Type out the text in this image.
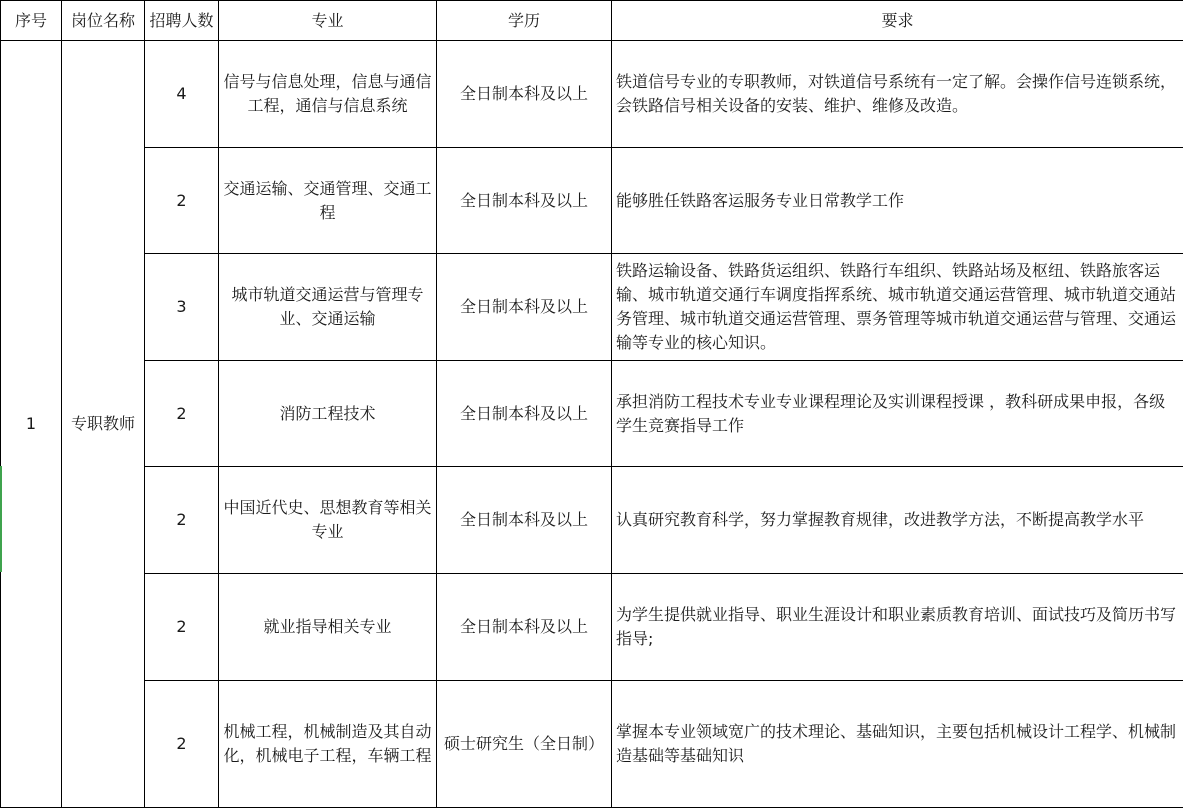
序号	岗位名称	招聘人数	专业	学历	要求
1	专职教师	4	信号与信息处理，信息与通信工程，通信与信息系统	全日制本科及以上	铁道信号专业的专职教师，对铁道信号系统有一定了解。会操作信号连锁系统，会铁路信号相关设备的安装、维护、维修及改造。
		2	交通运输、交通管理、交通工程	全日制本科及以上	能够胜任铁路客运服务专业日常教学工作
		3	城市轨道交通运营与管理专业、交通运输	全日制本科及以上	铁路运输设备、铁路货运组织、铁路行车组织、铁路站场及枢纽、铁路旅客运输、城市轨道交通行车调度指挥系统、城市轨道交通运营管理、城市轨道交通站务管理、城市轨道交通运营管理、票务管理等城市轨道交通运营与管理、交通运输等专业的核心知识。
		2	消防工程技术	全日制本科及以上	承担消防工程技术专业专业课程理论及实训课程授课 ，教科研成果申报，各级学生竞赛指导工作
		2	中国近代史、思想教育等相关专业	全日制本科及以上	认真研究教育科学，努力掌握教育规律，改进教学方法，不断提高教学水平
		2	就业指导相关专业	全日制本科及以上	为学生提供就业指导、职业生涯设计和职业素质教育培训、面试技巧及简历书写指导;
		2	机械工程，机械制造及其自动化，机械电子工程，车辆工程	硕士研究生（全日制）	掌握本专业领域宽广的技术理论、基础知识，主要包括机械设计工程学、机械制造基础等基础知识
